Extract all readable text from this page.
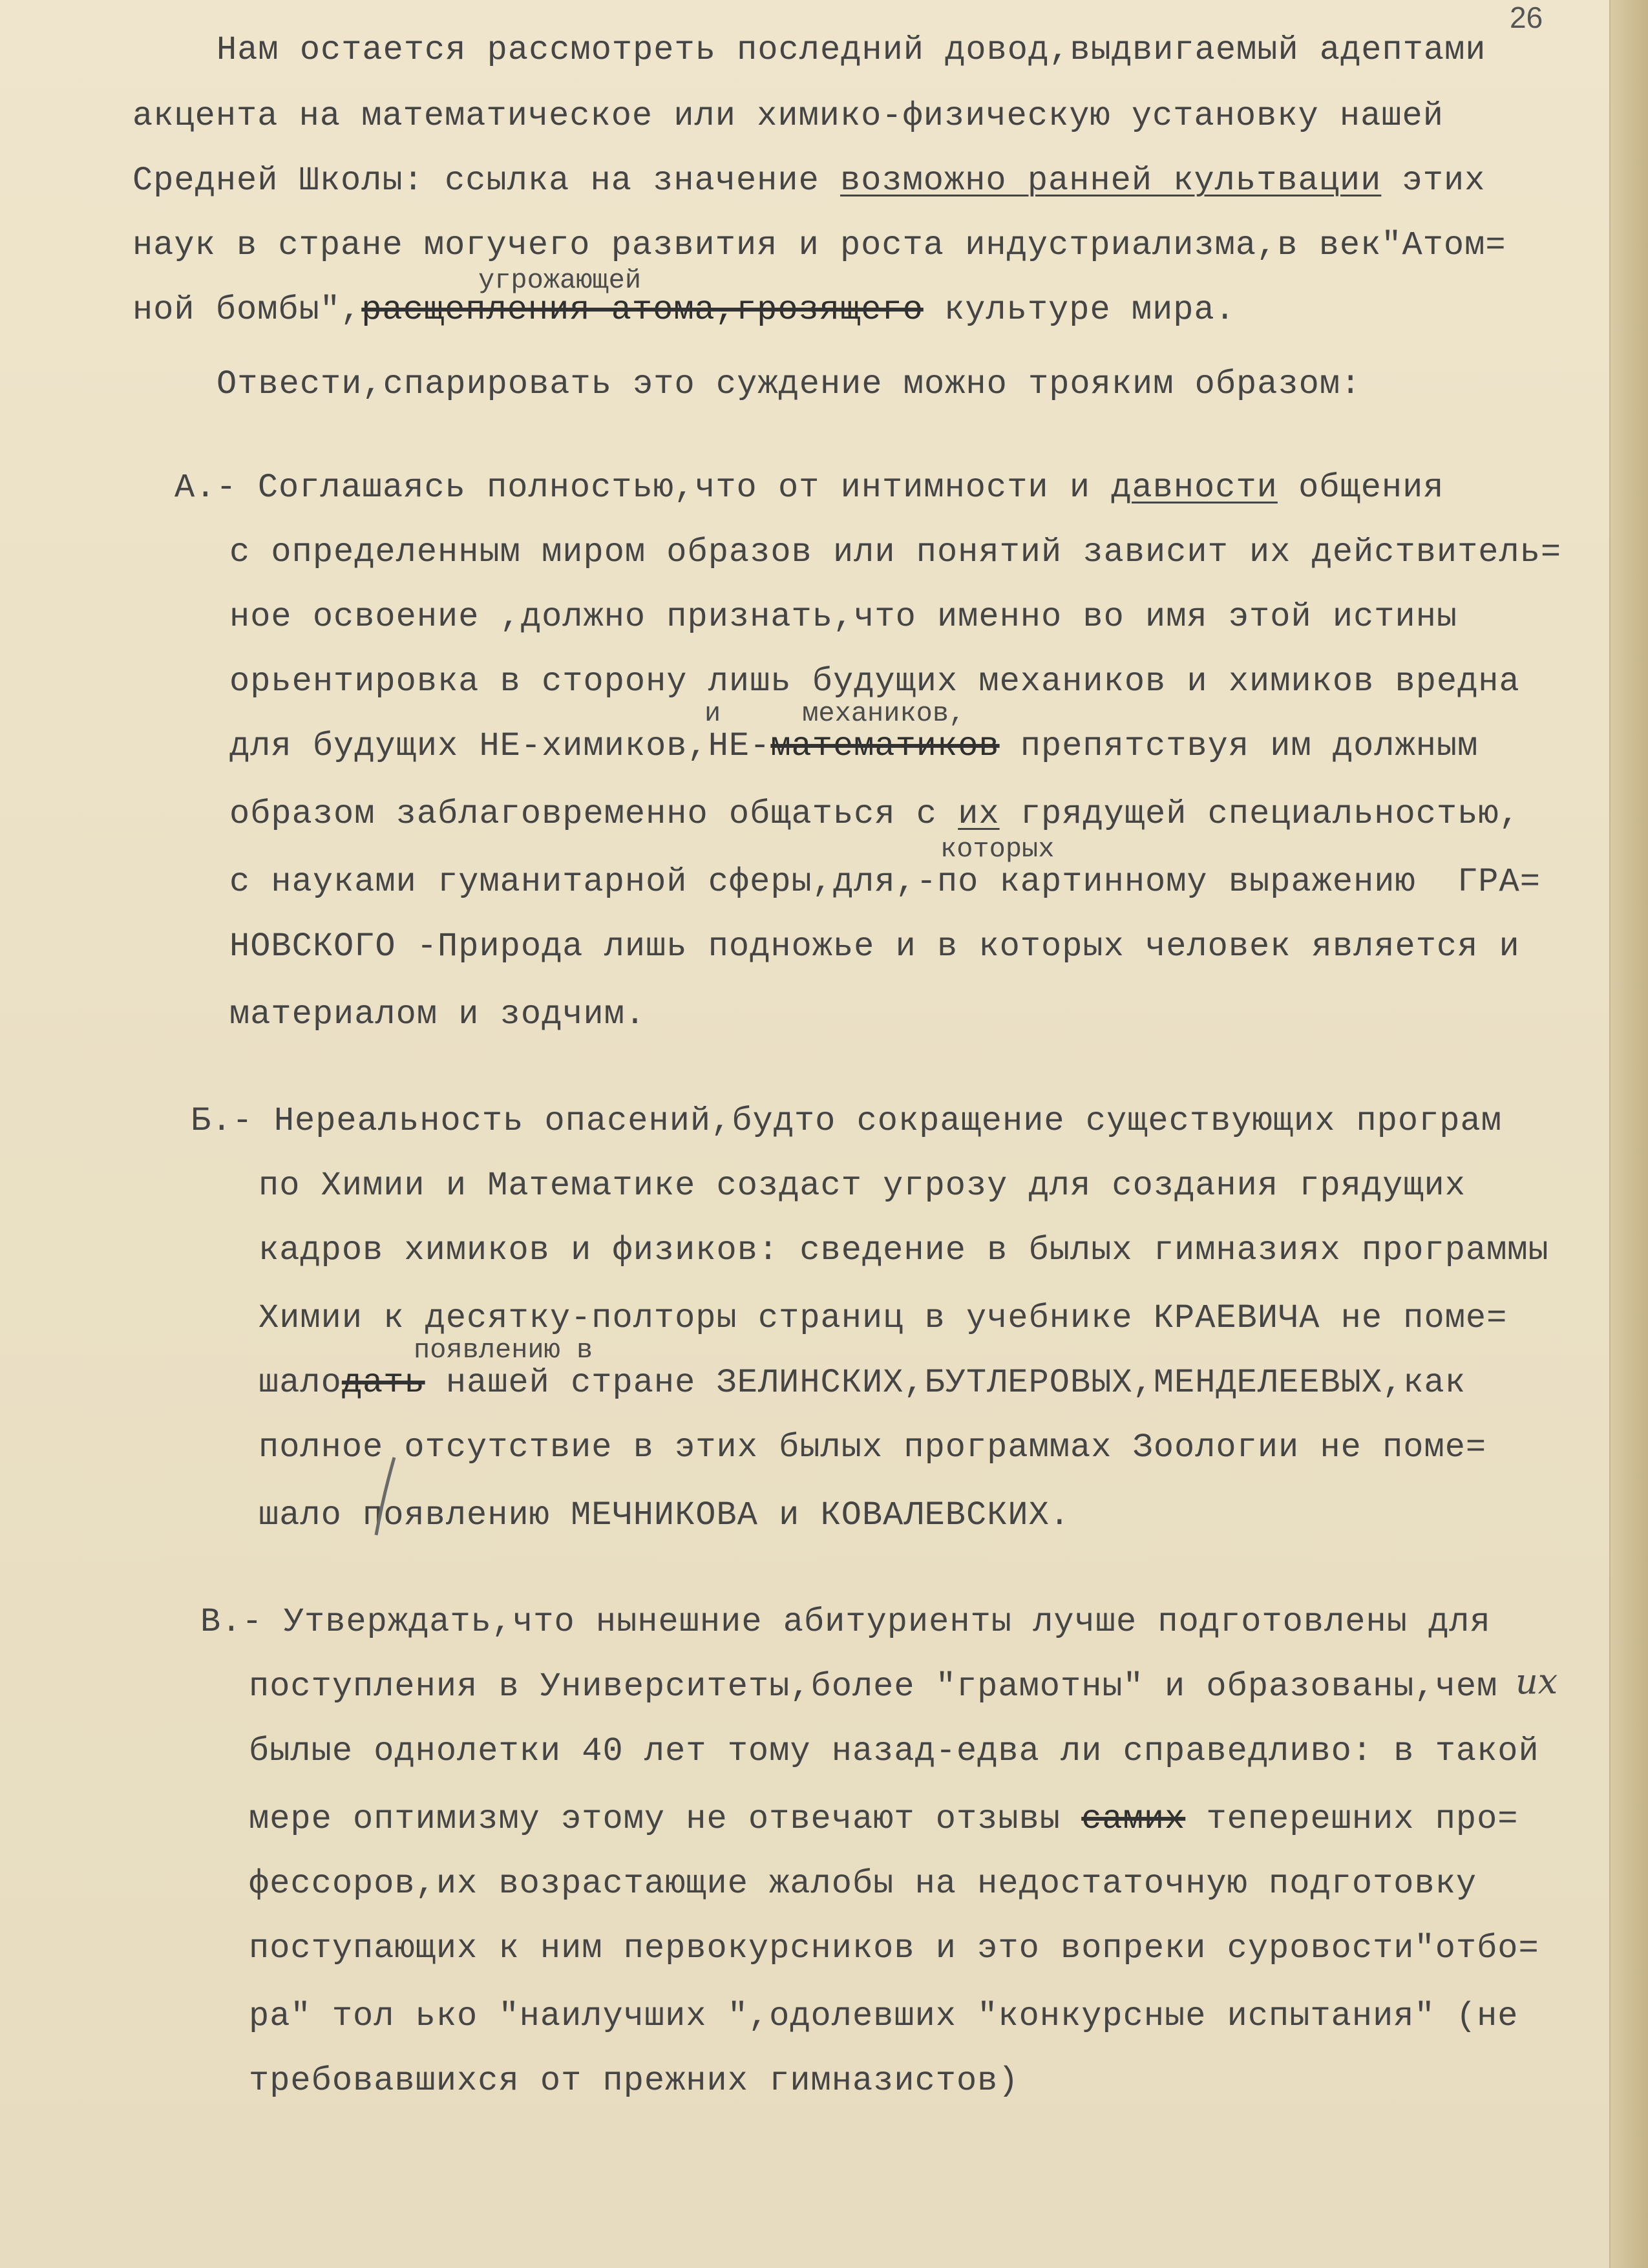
26
Нам остается рассмотреть последний довод,выдвигаемый адептами
акцента на математическое или химико-физическую установку нашей
Средней Школы: ссылка на значение возможно ранней культвации этих
наук в стране могучего развития и роста индустриализма,в век"Атом=
угрожающей
ной бомбы",расщепления атома,грозящего культуре мира.
Отвести,спарировать это суждение можно трояким образом:
А.- Соглашаясь полностью,что от интимности и давности общения
с определенным миром образов или понятий зависит их действитель=
ное освоение ,должно признать,что именно во имя этой истины
орьентировка в сторону лишь будущих механиков и химиков вредна
и     механиков,
для будущих НЕ-химиков,НЕ-математиков препятствуя им должным
образом заблаговременно общаться с их грядущей специальностью,
которых
с науками гуманитарной сферы,для,-по картинному выражению  ГРА=
НОВСКОГО -Природа лишь подножье и в которых человек является и
материалом и зодчим.
Б.- Нереальность опасений,будто сокращение существующих програм
по Химии и Математике создаст угрозу для создания грядущих
кадров химиков и физиков: сведение в былых гимназиях программы
Химии к десятку-полторы страниц в учебнике КРАЕВИЧА не поме=
появлению в
шалодать нашей стране ЗЕЛИНСКИХ,БУТЛЕРОВЫХ,МЕНДЕЛЕЕВЫХ,как
полное отсутствие в этих былых программах Зоологии не поме=
шало появлению МЕЧНИКОВА и КОВАЛЕВСКИХ.
В.- Утверждать,что нынешние абитуриенты лучше подготовлены для
поступления в Университеты,более "грамотны" и образованы,чем их
былые однолетки 40 лет тому назад-едва ли справедливо: в такой
мере оптимизму этому не отвечают отзывы самих теперешних про=
фессоров,их возрастающие жалобы на недостаточную подготовку
поступающих к ним первокурсников и это вопреки суровости"отбо=
ра" тол ько "наилучших ",одолевших "конкурсные испытания" (не
требовавшихся от прежних гимназистов)
